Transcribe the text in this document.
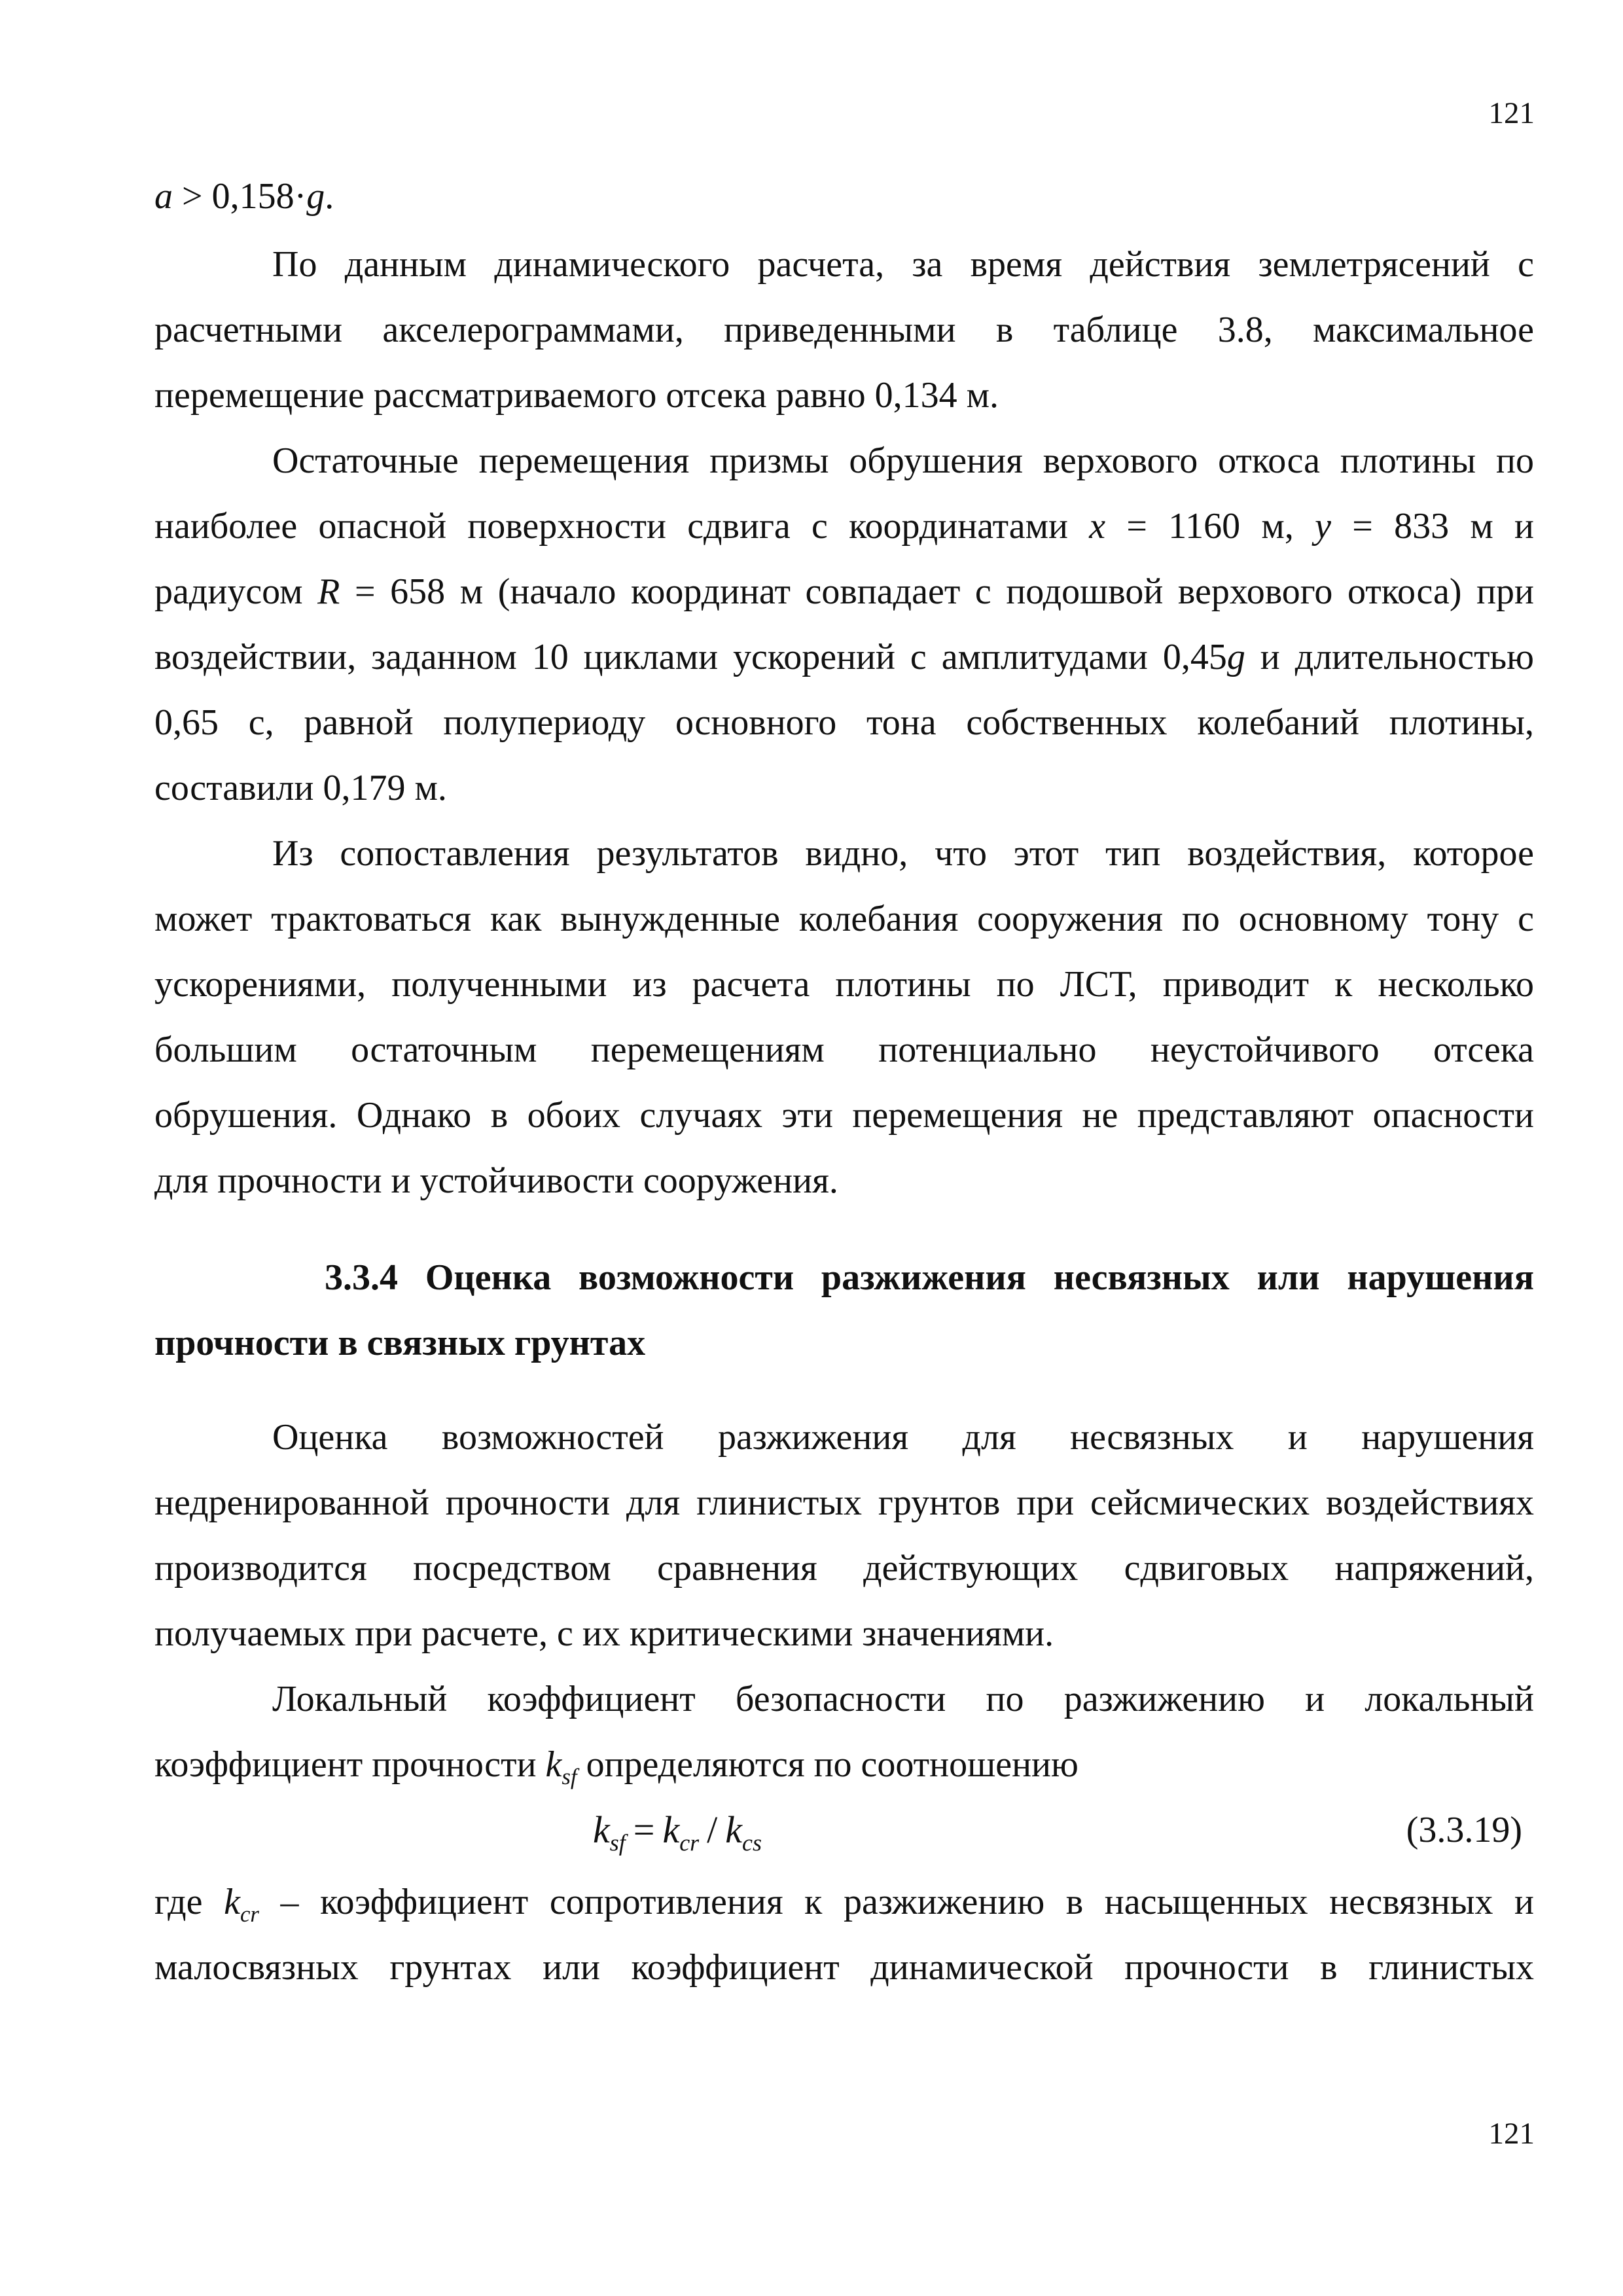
121
a > 0,158·g.
По данным динамического расчета, за время действия землетрясений с
расчетными акселерограммами, приведенными в таблице 3.8, максимальное
перемещение рассматриваемого отсека равно 0,134 м.
Остаточные перемещения призмы обрушения верхового откоса плотины по
наиболее опасной поверхности сдвига с координатами x = 1160 м, y = 833 м и
радиусом R = 658 м (начало координат совпадает с подошвой верхового откоса) при
воздействии, заданном 10 циклами ускорений с амплитудами 0,45g и длительностью
0,65 с, равной полупериоду основного тона собственных колебаний плотины,
составили 0,179 м.
Из сопоставления результатов видно, что этот тип воздействия, которое
может трактоваться как вынужденные колебания сооружения по основному тону с
ускорениями, полученными из расчета плотины по ЛСТ, приводит к несколько
большим остаточным перемещениям потенциально неустойчивого отсека
обрушения. Однако в обоих случаях эти перемещения не представляют опасности
для прочности и устойчивости сооружения.
3.3.4 Оценка возможности разжижения несвязных или нарушения
прочности в связных грунтах
Оценка возможностей разжижения для несвязных и нарушения
недренированной прочности для глинистых грунтов при сейсмических воздействиях
производится посредством сравнения действующих сдвиговых напряжений,
получаемых при расчете, с их критическими значениями.
Локальный коэффициент безопасности по разжижению и локальный
коэффициент прочности $k_{sf}$ определяются по соотношению
$k_{sf} = k_{cr} / k_{cs}$	(3.3.19)
где $k_{cr}$ – коэффициент сопротивления к разжижению в насыщенных несвязных и
малосвязных грунтах или коэффициент динамической прочности в глинистых
121
